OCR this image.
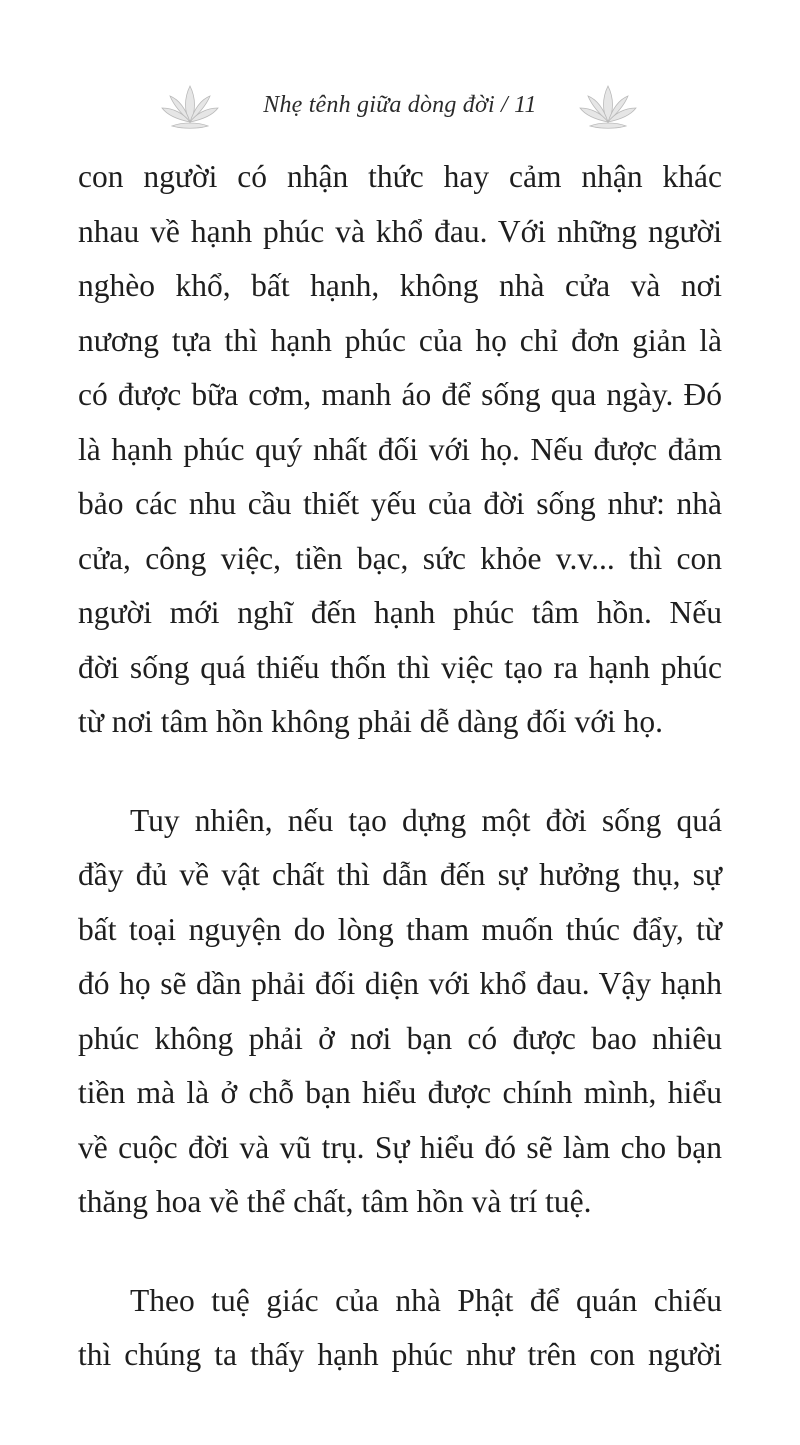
Nhẹ tênh giữa dòng đời / 11
con người có nhận thức hay cảm nhận khác
nhau về hạnh phúc và khổ đau. Với những người
nghèo khổ, bất hạnh, không nhà cửa và nơi
nương tựa thì hạnh phúc của họ chỉ đơn giản là
có được bữa cơm, manh áo để sống qua ngày. Đó
là hạnh phúc quý nhất đối với họ. Nếu được đảm
bảo các nhu cầu thiết yếu của đời sống như: nhà
cửa, công việc, tiền bạc, sức khỏe v.v... thì con
người mới nghĩ đến hạnh phúc tâm hồn. Nếu
đời sống quá thiếu thốn thì việc tạo ra hạnh phúc
từ nơi tâm hồn không phải dễ dàng đối với họ.
Tuy nhiên, nếu tạo dựng một đời sống quá
đầy đủ về vật chất thì dẫn đến sự hưởng thụ, sự
bất toại nguyện do lòng tham muốn thúc đẩy, từ
đó họ sẽ dần phải đối diện với khổ đau. Vậy hạnh
phúc không phải ở nơi bạn có được bao nhiêu
tiền mà là ở chỗ bạn hiểu được chính mình, hiểu
về cuộc đời và vũ trụ. Sự hiểu đó sẽ làm cho bạn
thăng hoa về thể chất, tâm hồn và trí tuệ.
Theo tuệ giác của nhà Phật để quán chiếu
thì chúng ta thấy hạnh phúc như trên con người
